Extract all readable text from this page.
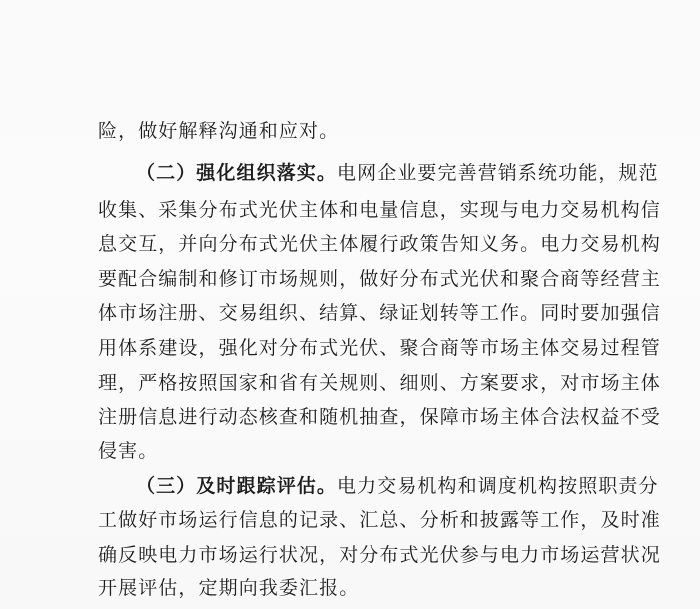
险，做好解释沟通和应对。
（二）强化组织落实。电网企业要完善营销系统功能，规范
收集、采集分布式光伏主体和电量信息，实现与电力交易机构信
息交互，并向分布式光伏主体履行政策告知义务。电力交易机构
要配合编制和修订市场规则，做好分布式光伏和聚合商等经营主
体市场注册、交易组织、结算、绿证划转等工作。同时要加强信
用体系建设，强化对分布式光伏、聚合商等市场主体交易过程管
理，严格按照国家和省有关规则、细则、方案要求，对市场主体
注册信息进行动态核查和随机抽查，保障市场主体合法权益不受
侵害。
（三）及时跟踪评估。电力交易机构和调度机构按照职责分
工做好市场运行信息的记录、汇总、分析和披露等工作，及时准
确反映电力市场运行状况，对分布式光伏参与电力市场运营状况
开展评估，定期向我委汇报。
